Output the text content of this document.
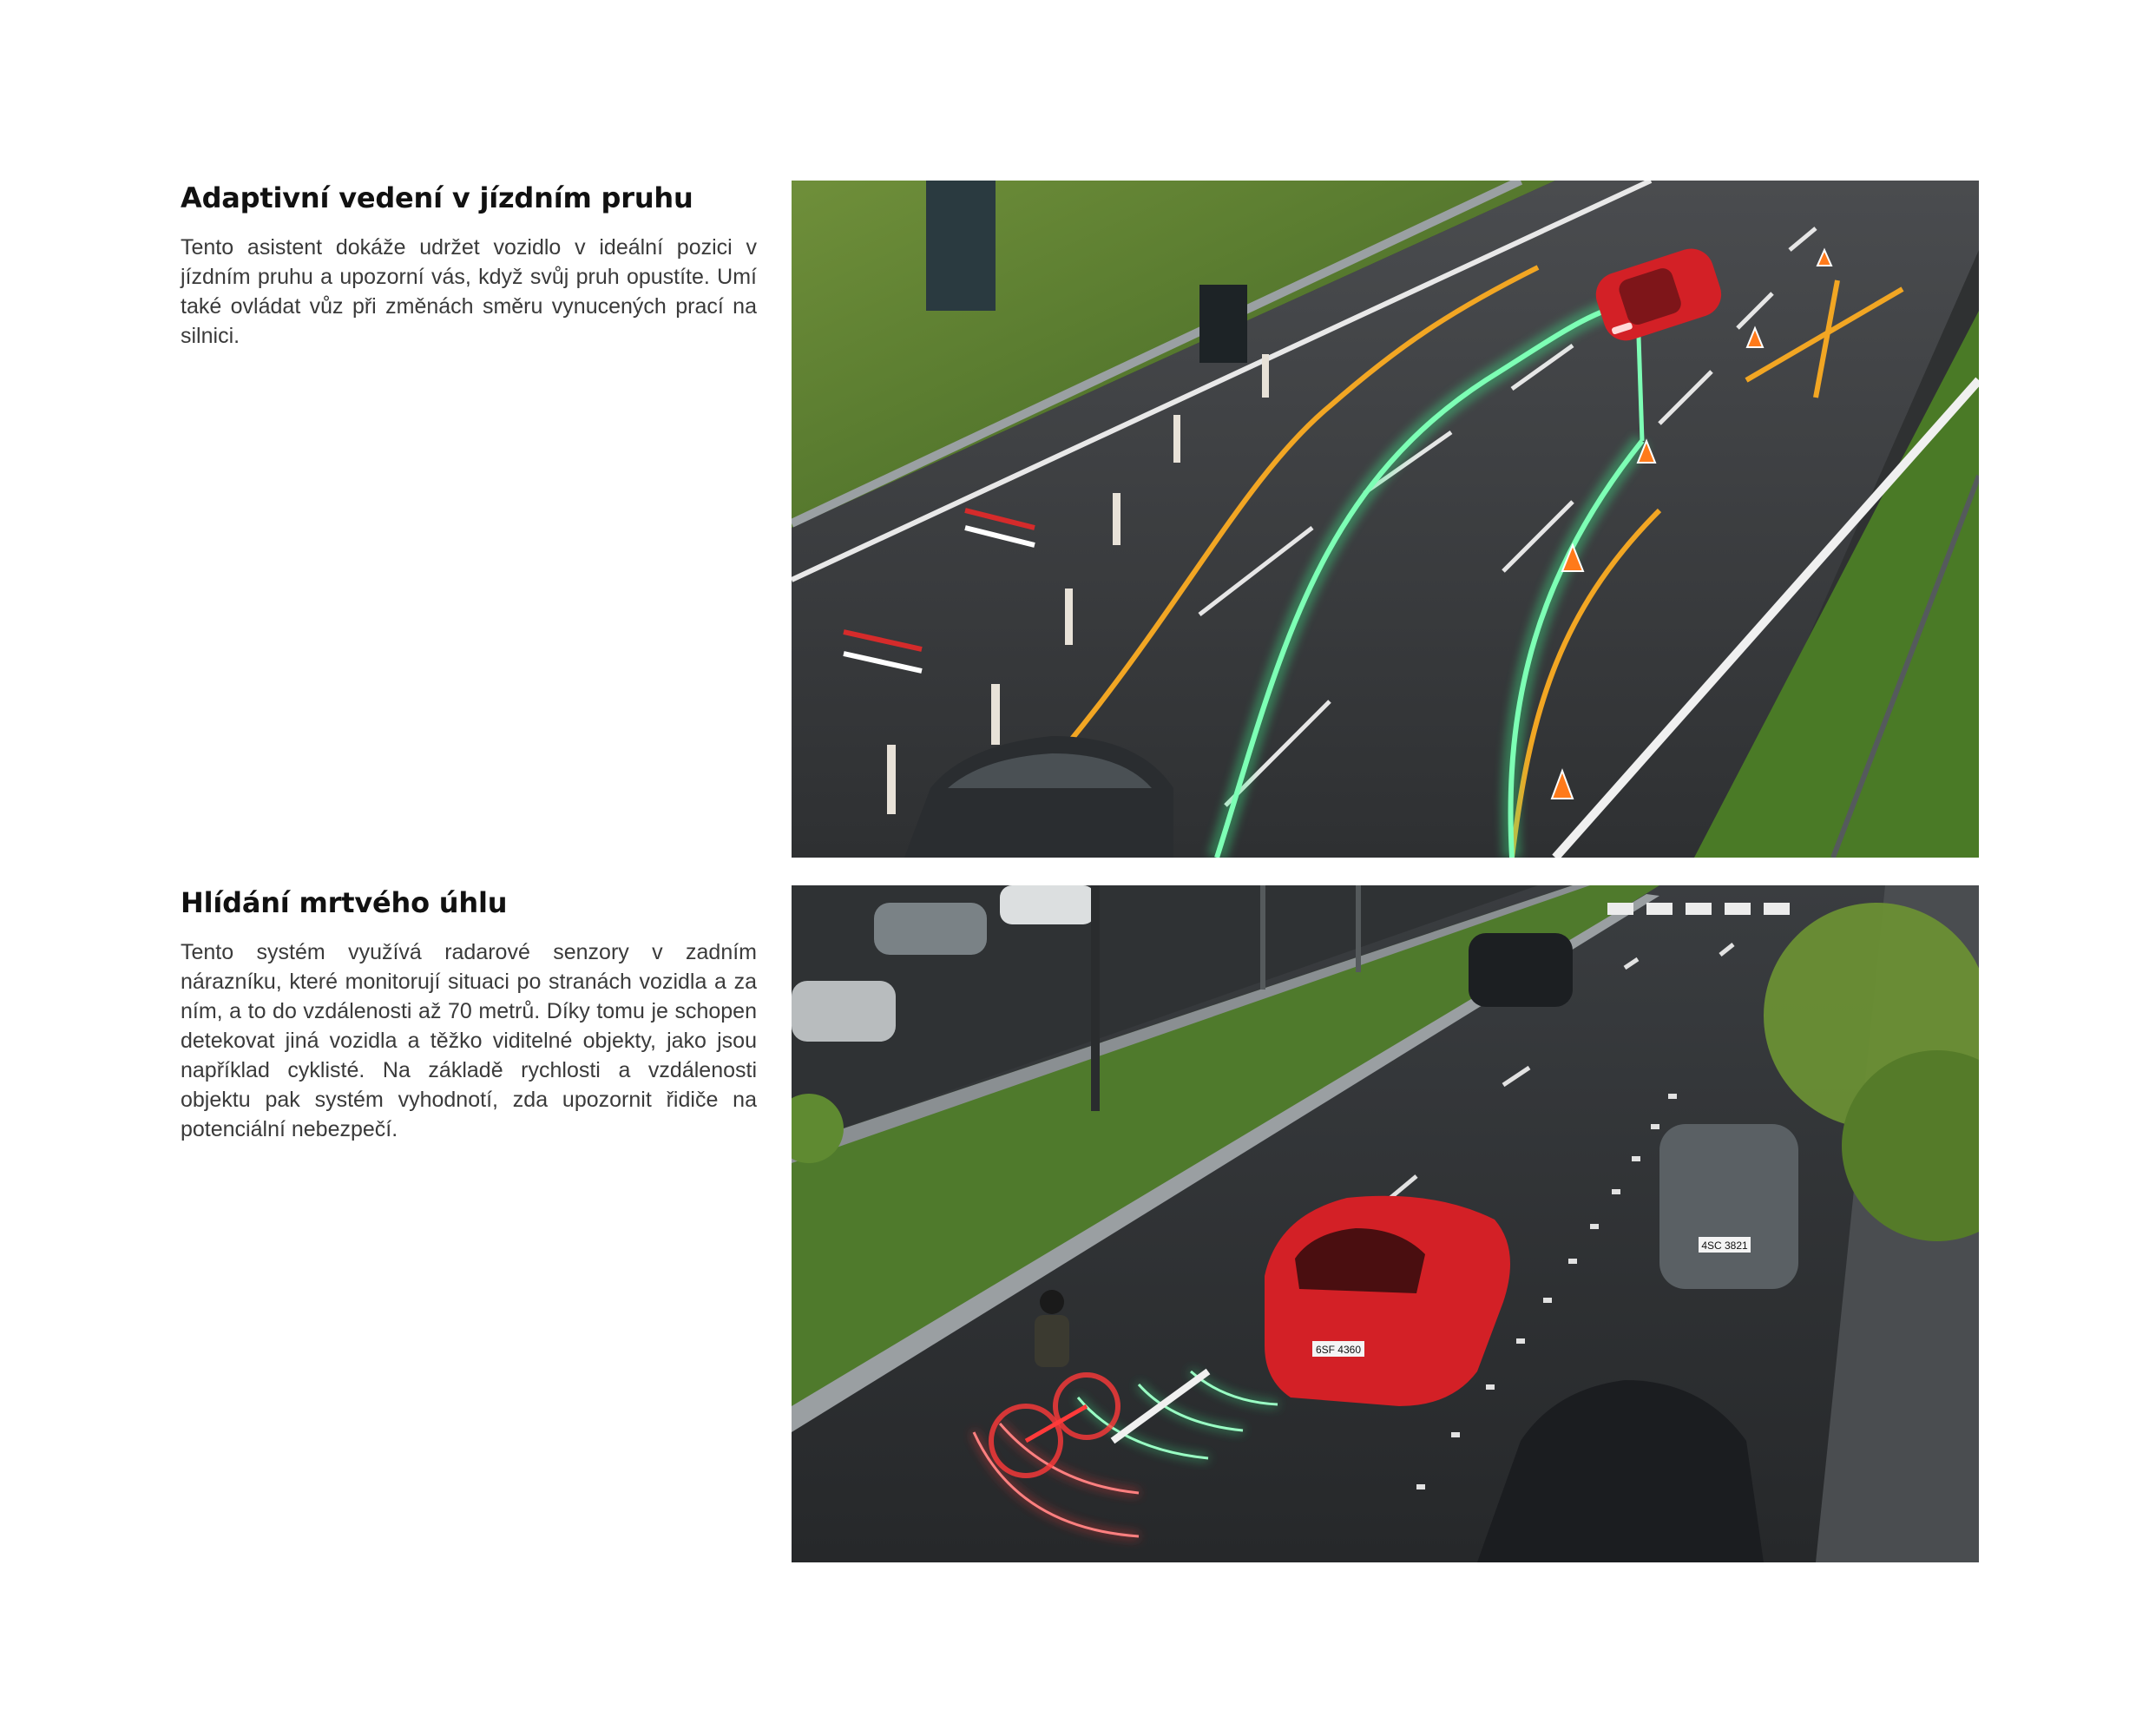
Adaptivní vedení v jízdním pruhu

Tento asistent dokáže udržet vozidlo v ideální pozici v jízdním pruhu a upozorní vás, když svůj pruh opustíte. Umí také ovládat vůz při změnách směru vynucených prací na silnici.

Hlídání mrtvého úhlu

Tento systém využívá radarové senzory v zadním nárazníku, které monitorují situaci po stranách vozidla a za ním, a to do vzdálenosti až 70 metrů. Díky tomu je schopen detekovat jiná vozidla a těžko viditelné objekty, jako jsou například cyklisté. Na základě rychlosti a vzdálenosti objektu pak systém vyhodnotí, zda upozornit řidiče na potenciální nebezpečí.

4SC 3821
6SF 4360
